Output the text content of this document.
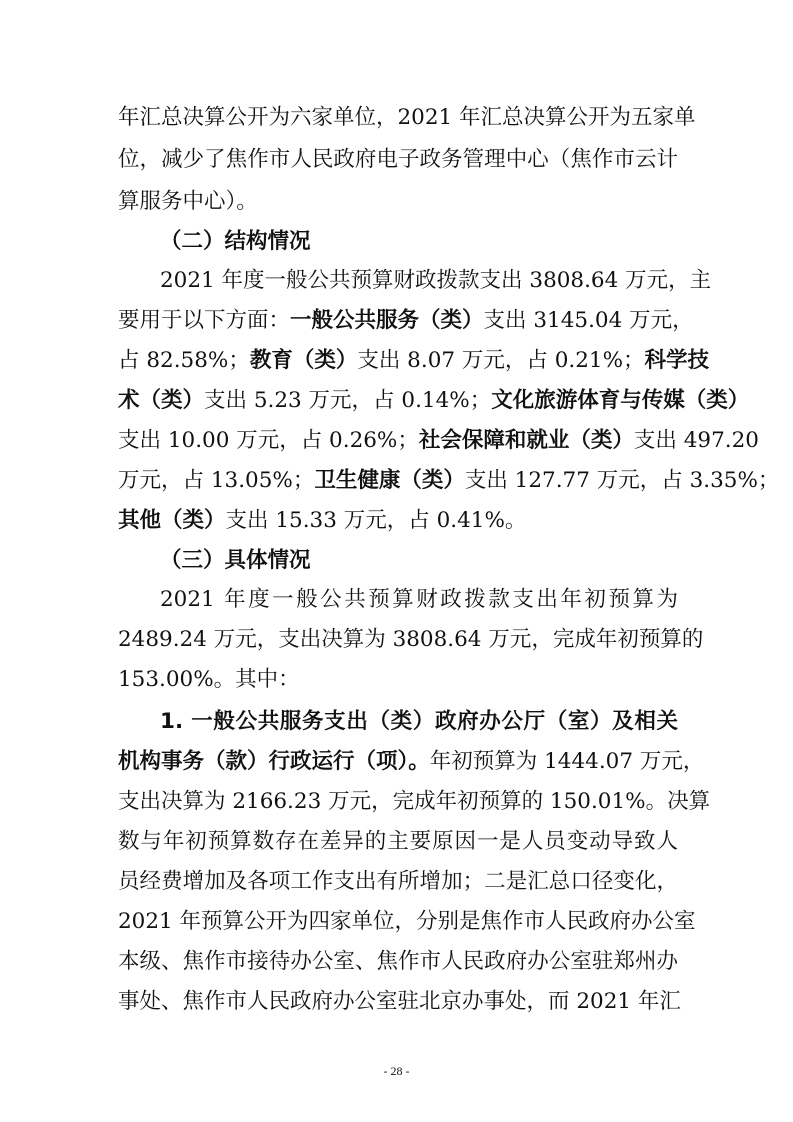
年汇总决算公开为六家单位，2021 年汇总决算公开为五家单
位，减少了焦作市人民政府电子政务管理中心（焦作市云计
算服务中心）。
（二）结构情况
2021 年度一般公共预算财政拨款支出 3808.64 万元，主
要用于以下方面：一般公共服务（类）支出 3145.04 万元，
占 82.58%；教育（类）支出 8.07 万元，占 0.21%；科学技
术（类）支出 5.23 万元，占 0.14%；文化旅游体育与传媒（类）
支出 10.00 万元，占 0.26%；社会保障和就业（类）支出 497.20
万元，占 13.05%；卫生健康（类）支出 127.77 万元，占 3.35%；
其他（类）支出 15.33 万元，占 0.41%。
（三）具体情况
2021 年度一般公共预算财政拨款支出年初预算为
2489.24 万元，支出决算为 3808.64 万元，完成年初预算的
153.00%。其中：
1. 一般公共服务支出（类）政府办公厅（室）及相关
机构事务（款）行政运行（项）。年初预算为 1444.07 万元，
支出决算为 2166.23 万元，完成年初预算的 150.01%。决算
数与年初预算数存在差异的主要原因一是人员变动导致人
员经费增加及各项工作支出有所增加；二是汇总口径变化，
2021 年预算公开为四家单位，分别是焦作市人民政府办公室
本级、焦作市接待办公室、焦作市人民政府办公室驻郑州办
事处、焦作市人民政府办公室驻北京办事处，而 2021 年汇
- 28 -
